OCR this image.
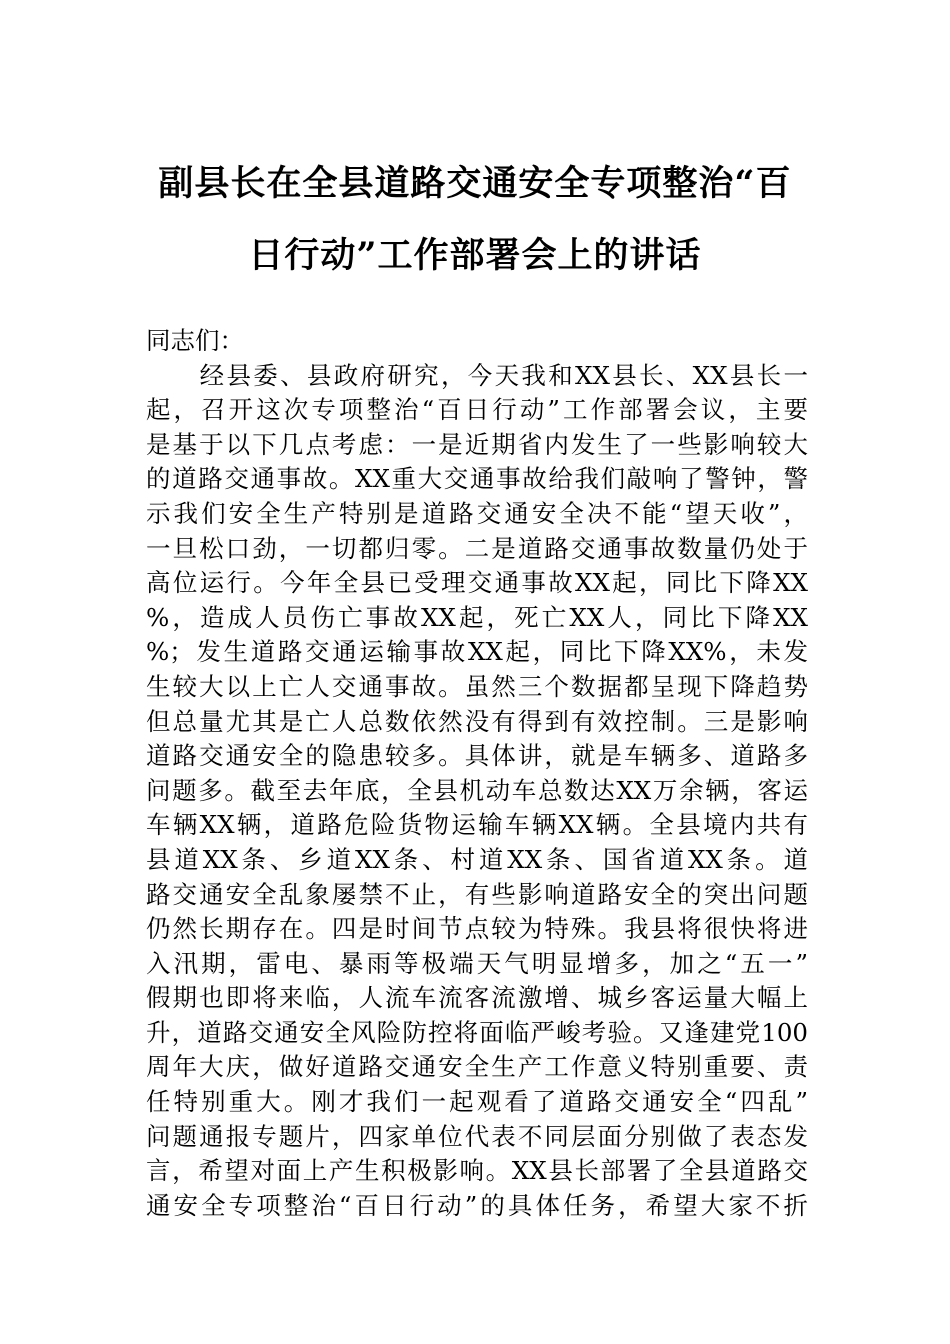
副县长在全县道路交通安全专项整治“百
日行动”工作部署会上的讲话
同志们：
　　经县委、县政府研究，今天我和XX县长、XX县长一
起，召开这次专项整治“百日行动”工作部署会议，主要
是基于以下几点考虑：一是近期省内发生了一些影响较大
的道路交通事故。XX重大交通事故给我们敲响了警钟，警
示我们安全生产特别是道路交通安全决不能“望天收”，
一旦松口劲，一切都归零。二是道路交通事故数量仍处于
高位运行。今年全县已受理交通事故XX起，同比下降XX
%，造成人员伤亡事故XX起，死亡XX人，同比下降XX
%；发生道路交通运输事故XX起，同比下降XX%，未发
生较大以上亡人交通事故。虽然三个数据都呈现下降趋势
但总量尤其是亡人总数依然没有得到有效控制。三是影响
道路交通安全的隐患较多。具体讲，就是车辆多、道路多
问题多。截至去年底，全县机动车总数达XX万余辆，客运
车辆XX辆，道路危险货物运输车辆XX辆。全县境内共有
县道XX条、乡道XX条、村道XX条、国省道XX条。道
路交通安全乱象屡禁不止，有些影响道路安全的突出问题
仍然长期存在。四是时间节点较为特殊。我县将很快将进
入汛期，雷电、暴雨等极端天气明显增多，加之“五一”
假期也即将来临，人流车流客流激增、城乡客运量大幅上
升，道路交通安全风险防控将面临严峻考验。又逢建党100
周年大庆，做好道路交通安全生产工作意义特别重要、责
任特别重大。刚才我们一起观看了道路交通安全“四乱”
问题通报专题片，四家单位代表不同层面分别做了表态发
言，希望对面上产生积极影响。XX县长部署了全县道路交
通安全专项整治“百日行动”的具体任务，希望大家不折
